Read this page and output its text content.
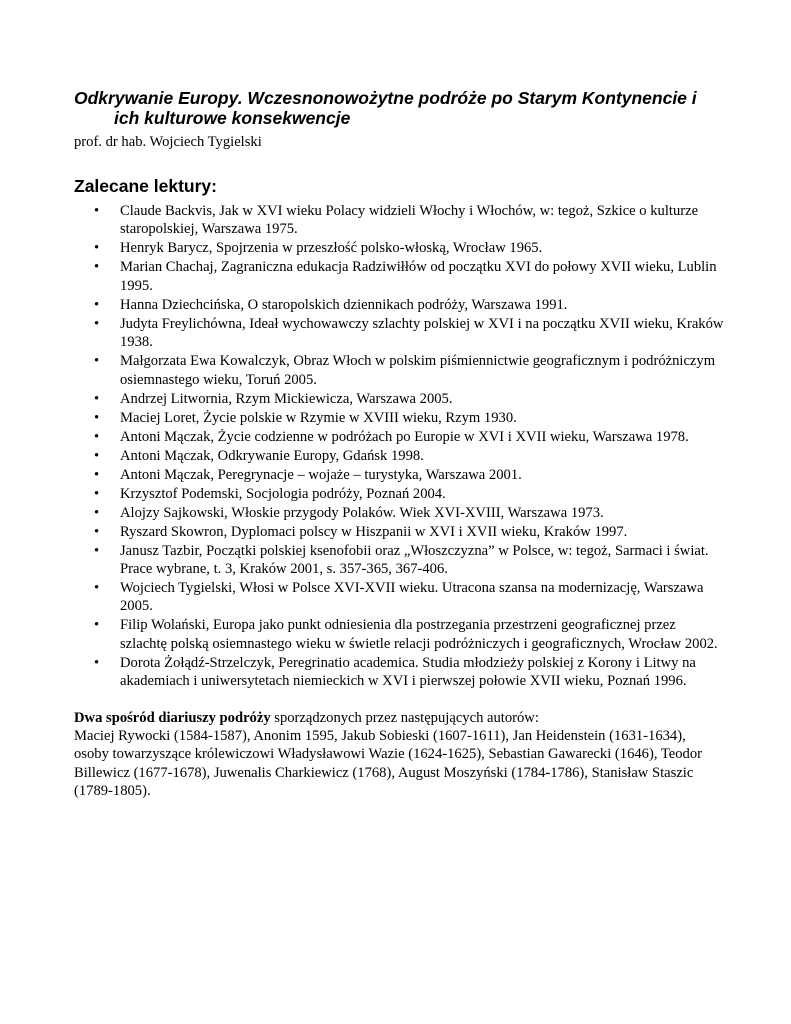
Odkrywanie Europy. Wczesnonowożytne podróże po Starym Kontynencie i ich kulturowe konsekwencje

prof. dr hab. Wojciech Tygielski

Zalecane lektury:
• Claude Backvis, Jak w XVI wieku Polacy widzieli Włochy i Włochów, w: tegoż, Szkice o kulturze staropolskiej, Warszawa 1975.
• Henryk Barycz, Spojrzenia w przeszłość polsko-włoską, Wrocław 1965.
• Marian Chachaj, Zagraniczna edukacja Radziwiłłów od początku XVI do połowy XVII wieku, Lublin 1995.
• Hanna Dziechcińska, O staropolskich dziennikach podróży, Warszawa 1991.
• Judyta Freylichówna, Ideał wychowawczy szlachty polskiej w XVI i na początku XVII wieku, Kraków 1938.
• Małgorzata Ewa Kowalczyk, Obraz Włoch w polskim piśmiennictwie geograficznym i podróżniczym osiemnastego wieku, Toruń 2005.
• Andrzej Litwornia, Rzym Mickiewicza, Warszawa 2005.
• Maciej Loret, Życie polskie w Rzymie w XVIII wieku, Rzym 1930.
• Antoni Mączak, Życie codzienne w podróżach po Europie w XVI i XVII wieku, Warszawa 1978.
• Antoni Mączak, Odkrywanie Europy, Gdańsk 1998.
• Antoni Mączak, Peregrynacje – wojaże – turystyka, Warszawa 2001.
• Krzysztof Podemski, Socjologia podróży, Poznań 2004.
• Alojzy Sajkowski, Włoskie przygody Polaków. Wiek XVI-XVIII, Warszawa 1973.
• Ryszard Skowron, Dyplomaci polscy w Hiszpanii w XVI i XVII wieku, Kraków 1997.
• Janusz Tazbir, Początki polskiej ksenofobii oraz „Włoszczyzna” w Polsce, w: tegoż, Sarmaci i świat. Prace wybrane, t. 3, Kraków 2001, s. 357-365, 367-406.
• Wojciech Tygielski, Włosi w Polsce XVI-XVII wieku. Utracona szansa na modernizację, Warszawa 2005.
• Filip Wolański, Europa jako punkt odniesienia dla postrzegania przestrzeni geograficznej przez szlachtę polską osiemnastego wieku w świetle relacji podróżniczych i geograficznych, Wrocław 2002.
• Dorota Żołądź-Strzelczyk, Peregrinatio academica. Studia młodzieży polskiej z Korony i Litwy na akademiach i uniwersytetach niemieckich w XVI i pierwszej połowie XVII wieku, Poznań 1996.
Dwa spośród diariuszy podróży sporządzonych przez następujących autorów:
Maciej Rywocki (1584-1587), Anonim 1595, Jakub Sobieski (1607-1611), Jan Heidenstein (1631-1634), osoby towarzyszące królewiczowi Władysławowi Wazie (1624-1625), Sebastian Gawarecki (1646), Teodor Billewicz (1677-1678), Juwenalis Charkiewicz (1768), August Moszyński (1784-1786), Stanisław Staszic (1789-1805).
